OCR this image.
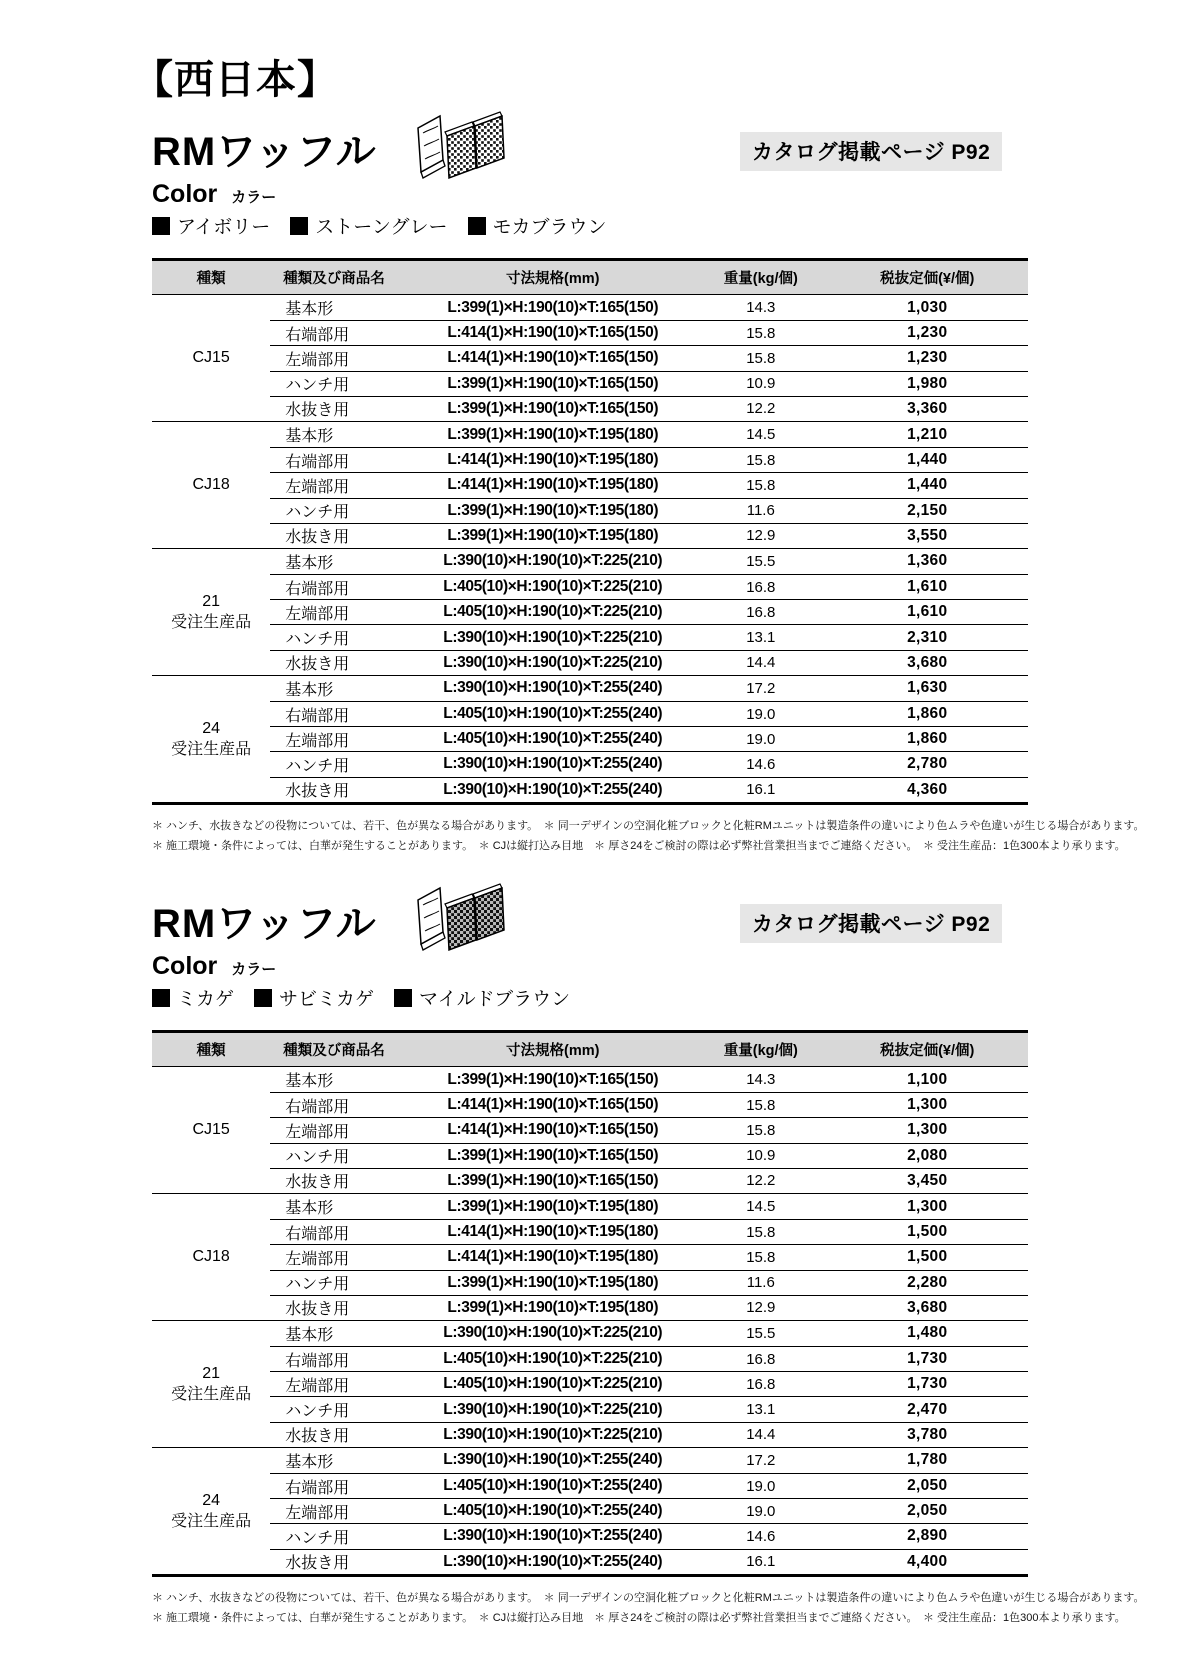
【西日本】
RMワッフル	カタログ掲載ページ P92
Color カラー
アイボリー ストーングレー モカブラウン
種類	種類及び商品名	寸法規格(mm)	重量(kg/個)	税抜定価(¥/個)
CJ15
基本形	L:399(1)×H:190(10)×T:165(150)	14.3	1,030
右端部用	L:414(1)×H:190(10)×T:165(150)	15.8	1,230
左端部用	L:414(1)×H:190(10)×T:165(150)	15.8	1,230
ハンチ用	L:399(1)×H:190(10)×T:165(150)	10.9	1,980
水抜き用	L:399(1)×H:190(10)×T:165(150)	12.2	3,360
CJ18
基本形	L:399(1)×H:190(10)×T:195(180)	14.5	1,210
右端部用	L:414(1)×H:190(10)×T:195(180)	15.8	1,440
左端部用	L:414(1)×H:190(10)×T:195(180)	15.8	1,440
ハンチ用	L:399(1)×H:190(10)×T:195(180)	11.6	2,150
水抜き用	L:399(1)×H:190(10)×T:195(180)	12.9	3,550
21
受注生産品
基本形	L:390(10)×H:190(10)×T:225(210)	15.5	1,360
右端部用	L:405(10)×H:190(10)×T:225(210)	16.8	1,610
左端部用	L:405(10)×H:190(10)×T:225(210)	16.8	1,610
ハンチ用	L:390(10)×H:190(10)×T:225(210)	13.1	2,310
水抜き用	L:390(10)×H:190(10)×T:225(210)	14.4	3,680
24
受注生産品
基本形	L:390(10)×H:190(10)×T:255(240)	17.2	1,630
右端部用	L:405(10)×H:190(10)×T:255(240)	19.0	1,860
左端部用	L:405(10)×H:190(10)×T:255(240)	19.0	1,860
ハンチ用	L:390(10)×H:190(10)×T:255(240)	14.6	2,780
水抜き用	L:390(10)×H:190(10)×T:255(240)	16.1	4,360
＊ ハンチ、水抜きなどの役物については、若干、色が異なる場合があります。　＊ 同一デザインの空洞化粧ブロックと化粧RMユニットは製造条件の違いにより色ムラや色違いが生じる場合があります。
＊ 施工環境・条件によっては、白華が発生することがあります。　＊ CJは縦打込み目地　＊ 厚さ24をご検討の際は必ず弊社営業担当までご連絡ください。　＊ 受注生産品：1色300本より承ります。
RMワッフル	カタログ掲載ページ P92
Color カラー
ミカゲ サビミカゲ マイルドブラウン
種類	種類及び商品名	寸法規格(mm)	重量(kg/個)	税抜定価(¥/個)
CJ15
基本形	L:399(1)×H:190(10)×T:165(150)	14.3	1,100
右端部用	L:414(1)×H:190(10)×T:165(150)	15.8	1,300
左端部用	L:414(1)×H:190(10)×T:165(150)	15.8	1,300
ハンチ用	L:399(1)×H:190(10)×T:165(150)	10.9	2,080
水抜き用	L:399(1)×H:190(10)×T:165(150)	12.2	3,450
CJ18
基本形	L:399(1)×H:190(10)×T:195(180)	14.5	1,300
右端部用	L:414(1)×H:190(10)×T:195(180)	15.8	1,500
左端部用	L:414(1)×H:190(10)×T:195(180)	15.8	1,500
ハンチ用	L:399(1)×H:190(10)×T:195(180)	11.6	2,280
水抜き用	L:399(1)×H:190(10)×T:195(180)	12.9	3,680
21
受注生産品
基本形	L:390(10)×H:190(10)×T:225(210)	15.5	1,480
右端部用	L:405(10)×H:190(10)×T:225(210)	16.8	1,730
左端部用	L:405(10)×H:190(10)×T:225(210)	16.8	1,730
ハンチ用	L:390(10)×H:190(10)×T:225(210)	13.1	2,470
水抜き用	L:390(10)×H:190(10)×T:225(210)	14.4	3,780
24
受注生産品
基本形	L:390(10)×H:190(10)×T:255(240)	17.2	1,780
右端部用	L:405(10)×H:190(10)×T:255(240)	19.0	2,050
左端部用	L:405(10)×H:190(10)×T:255(240)	19.0	2,050
ハンチ用	L:390(10)×H:190(10)×T:255(240)	14.6	2,890
水抜き用	L:390(10)×H:190(10)×T:255(240)	16.1	4,400
＊ ハンチ、水抜きなどの役物については、若干、色が異なる場合があります。　＊ 同一デザインの空洞化粧ブロックと化粧RMユニットは製造条件の違いにより色ムラや色違いが生じる場合があります。
＊ 施工環境・条件によっては、白華が発生することがあります。　＊ CJは縦打込み目地　＊ 厚さ24をご検討の際は必ず弊社営業担当までご連絡ください。　＊ 受注生産品：1色300本より承ります。
